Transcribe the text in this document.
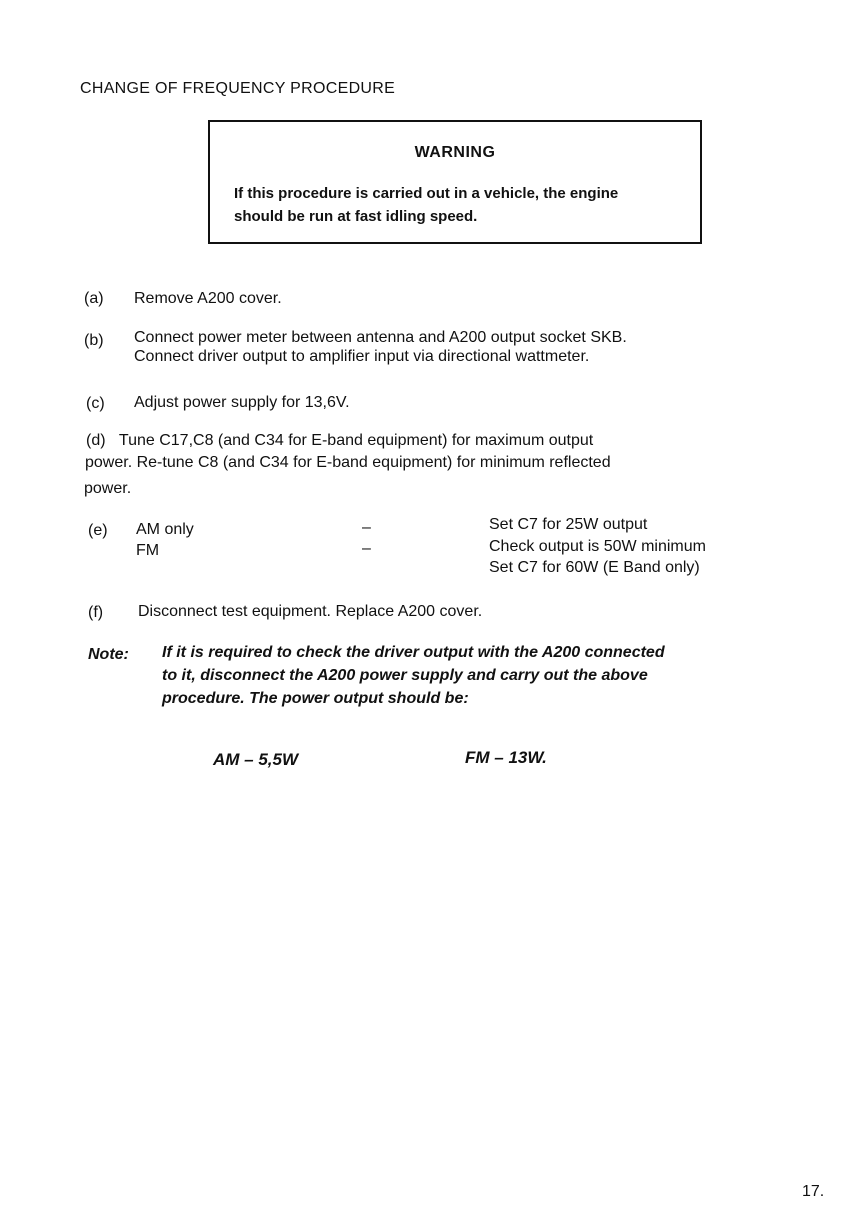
CHANGE OF FREQUENCY PROCEDURE
WARNING
If this procedure is carried out in a vehicle, the engine
should be run at fast idling speed.
(a) Remove A200 cover.
(b) Connect power meter between antenna and A200 output socket SKB.
Connect driver output to amplifier input via directional wattmeter.
(c) Adjust power supply for 13,6V.
(d) Tune C17,C8 (and C34 for E-band equipment) for maximum output
power. Re-tune C8 (and C34 for E-band equipment) for minimum reflected
power.
(e) AM only
FM
–
–
Set C7 for 25W output
Check output is 50W minimum
Set C7 for 60W (E Band only)
(f) Disconnect test equipment. Replace A200 cover.
Note: If it is required to check the driver output with the A200 connected
to it, disconnect the A200 power supply and carry out the above
procedure. The power output should be:
AM – 5,5W	FM – 13W.
17.
